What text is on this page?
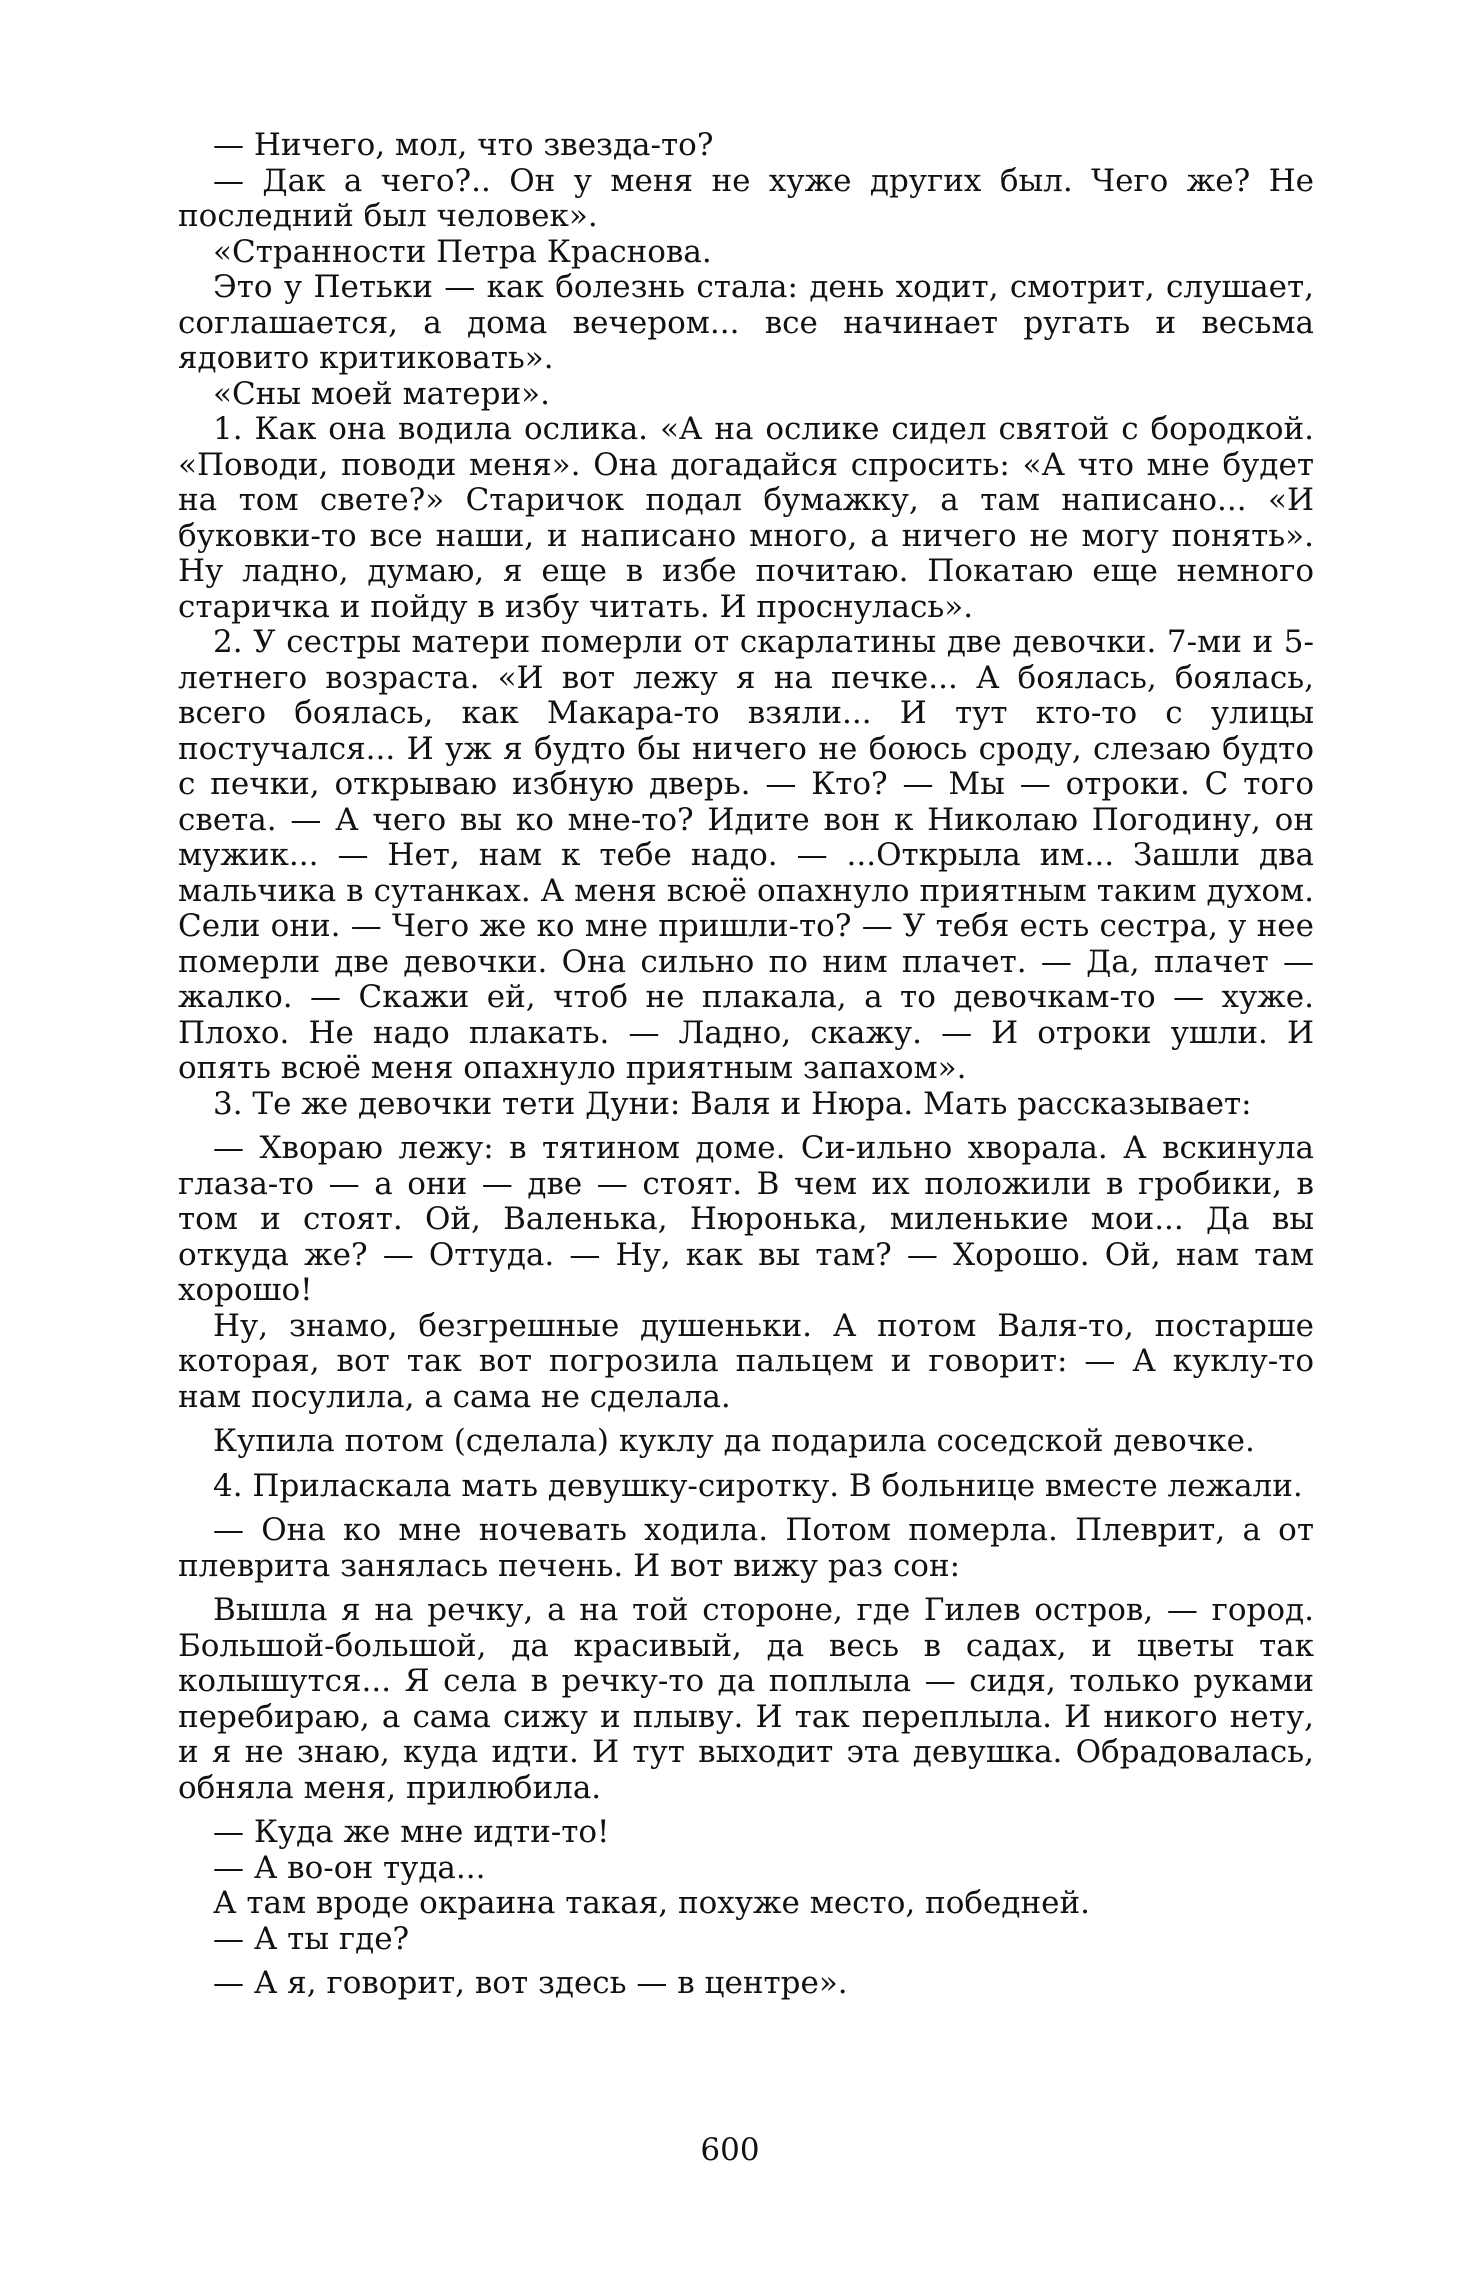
— Ничего, мол, что звезда-то?

— Дак а чего?.. Он у меня не хуже других был. Чего же? Не последний был человек».

«Странности Петра Краснова.

Это у Петьки — как болезнь стала: день ходит, смотрит, слушает, соглашается, а дома вечером... все начинает ругать и весьма ядовито критиковать».

«Сны моей матери».

1. Как она водила ослика. «А на ослике сидел святой с бородкой. «Поводи, поводи меня». Она догадайся спросить: «А что мне будет на том свете?» Старичок подал бумажку, а там написано... «И буковки-то все наши, и написано много, а ничего не могу понять». Ну ладно, думаю, я еще в избе почитаю. Покатаю еще немного старичка и пойду в избу читать. И проснулась».

2. У сестры матери померли от скарлатины две девочки. 7-ми и 5-летнего возраста. «И вот лежу я на печке... А боялась, боялась, всего боялась, как Макара-то взяли... И тут кто-то с улицы постучался... И уж я будто бы ничего не боюсь сроду, слезаю будто с печки, открываю избную дверь. — Кто? — Мы — отроки. С того света. — А чего вы ко мне-то? Идите вон к Николаю Погодину, он мужик... — Нет, нам к тебе надо. — ...Открыла им... Зашли два мальчика в сутанках. А меня всюё опахнуло приятным таким духом. Сели они. — Чего же ко мне пришли-то? — У тебя есть сестра, у нее померли две девочки. Она сильно по ним плачет. — Да, плачет — жалко. — Скажи ей, чтоб не плакала, а то девочкам-то — хуже. Плохо. Не надо плакать. — Ладно, скажу. — И отроки ушли. И опять всюё меня опахнуло приятным запахом».

3. Те же девочки тети Дуни: Валя и Нюра. Мать рассказывает:

— Хвораю лежу: в тятином доме. Си-ильно хворала. А вскинула глаза-то — а они — две — стоят. В чем их положили в гробики, в том и стоят. Ой, Валенька, Нюронька, миленькие мои... Да вы откуда же? — Оттуда. — Ну, как вы там? — Хорошо. Ой, нам там хорошо!

Ну, знамо, безгрешные душеньки. А потом Валя-то, постарше которая, вот так вот погрозила пальцем и говорит: — А куклу-то нам посулила, а сама не сделала.

Купила потом (сделала) куклу да подарила соседской девочке.

4. Приласкала мать девушку-сиротку. В больнице вместе лежали.

— Она ко мне ночевать ходила. Потом померла. Плеврит, а от плеврита занялась печень. И вот вижу раз сон:

Вышла я на речку, а на той стороне, где Гилев остров, — город. Большой-большой, да красивый, да весь в садах, и цветы так колышутся... Я села в речку-то да поплыла — сидя, только руками перебираю, а сама сижу и плыву. И так переплыла. И никого нету, и я не знаю, куда идти. И тут выходит эта девушка. Обрадовалась, обняла меня, прилюбила.

— Куда же мне идти-то!

— А во-он туда...

А там вроде окраина такая, похуже место, победней.

— А ты где?

— А я, говорит, вот здесь — в центре».

600
